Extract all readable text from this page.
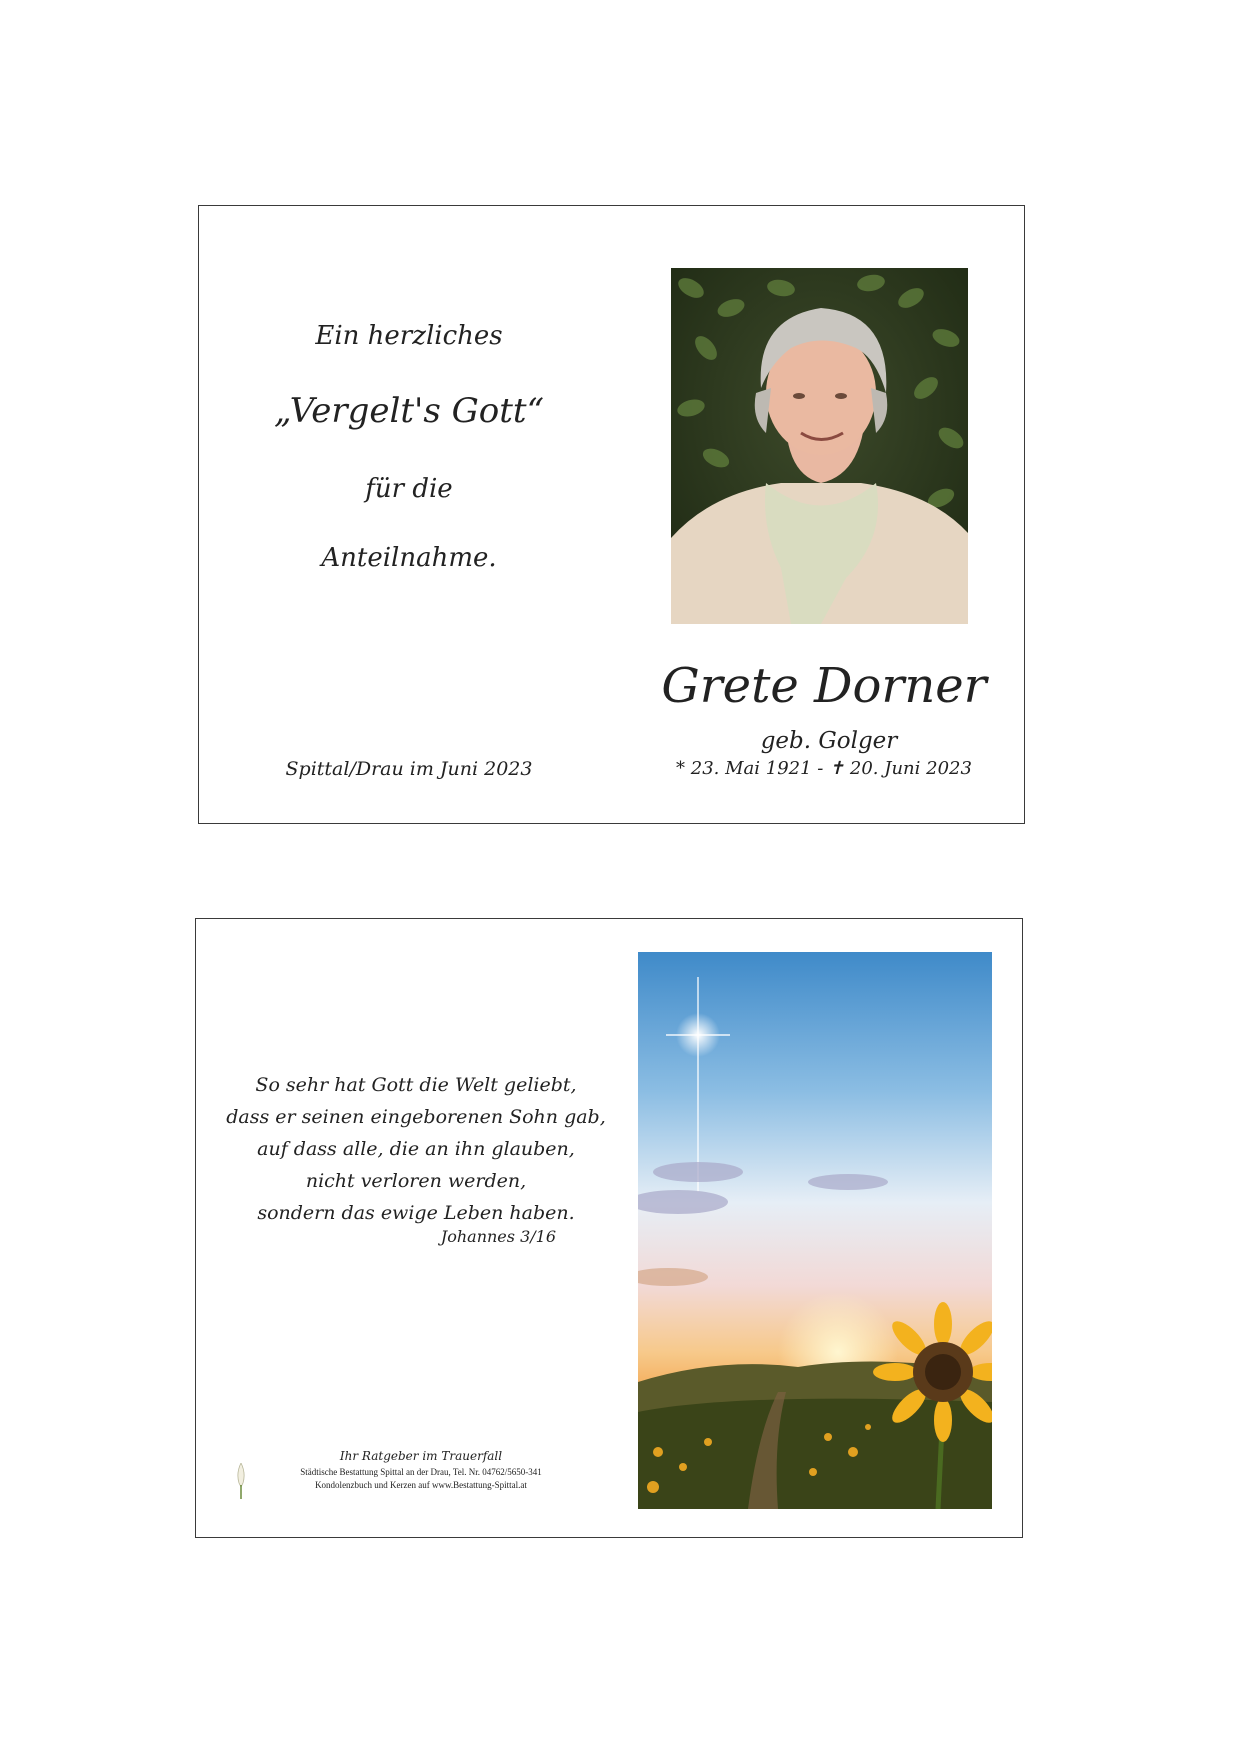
Ein herzliches
„Vergelt's Gott“
für die
Anteilnahme.
Spittal/Drau im Juni 2023
Grete Dorner
geb. Golger
* 23. Mai 1921 - ✝ 20. Juni 2023
So sehr hat Gott die Welt geliebt,
dass er seinen eingeborenen Sohn gab,
auf dass alle, die an ihn glauben,
nicht verloren werden,
sondern das ewige Leben haben.
Johannes 3/16
Ihr Ratgeber im Trauerfall
Städtische Bestattung Spittal an der Drau, Tel. Nr. 04762/5650-341
Kondolenzbuch und Kerzen auf www.Bestattung-Spittal.at
